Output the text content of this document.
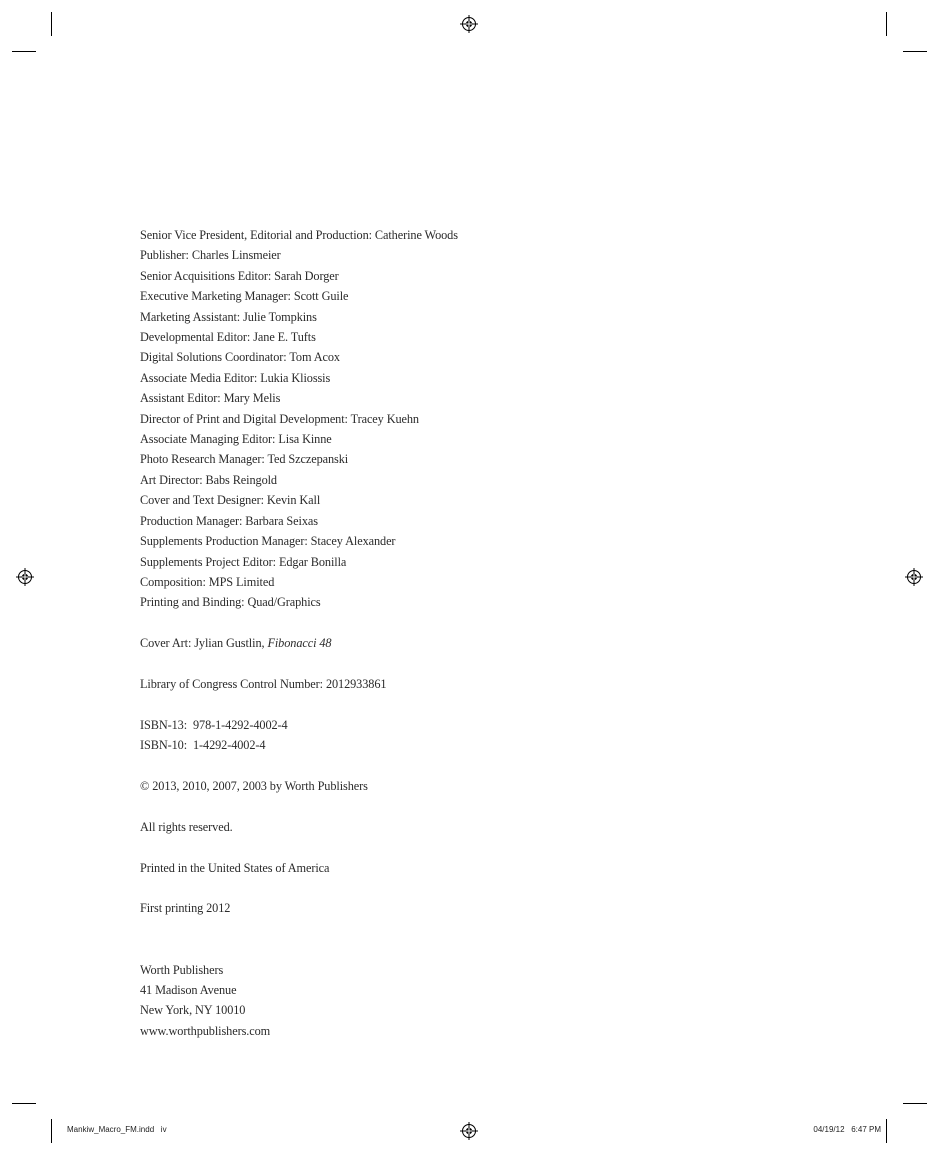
Senior Vice President, Editorial and Production: Catherine Woods
Publisher: Charles Linsmeier
Senior Acquisitions Editor: Sarah Dorger
Executive Marketing Manager: Scott Guile
Marketing Assistant: Julie Tompkins
Developmental Editor: Jane E. Tufts
Digital Solutions Coordinator: Tom Acox
Associate Media Editor: Lukia Kliossis
Assistant Editor: Mary Melis
Director of Print and Digital Development: Tracey Kuehn
Associate Managing Editor: Lisa Kinne
Photo Research Manager: Ted Szczepanski
Art Director: Babs Reingold
Cover and Text Designer: Kevin Kall
Production Manager: Barbara Seixas
Supplements Production Manager: Stacey Alexander
Supplements Project Editor: Edgar Bonilla
Composition: MPS Limited
Printing and Binding: Quad/Graphics
Cover Art: Jylian Gustlin, Fibonacci 48
Library of Congress Control Number: 2012933861
ISBN-13:  978-1-4292-4002-4
ISBN-10:  1-4292-4002-4
© 2013, 2010, 2007, 2003 by Worth Publishers
All rights reserved.
Printed in the United States of America
First printing 2012
Worth Publishers
41 Madison Avenue
New York, NY 10010
www.worthpublishers.com
Mankiw_Macro_FM.indd   iv	04/19/12   6:47 PM
